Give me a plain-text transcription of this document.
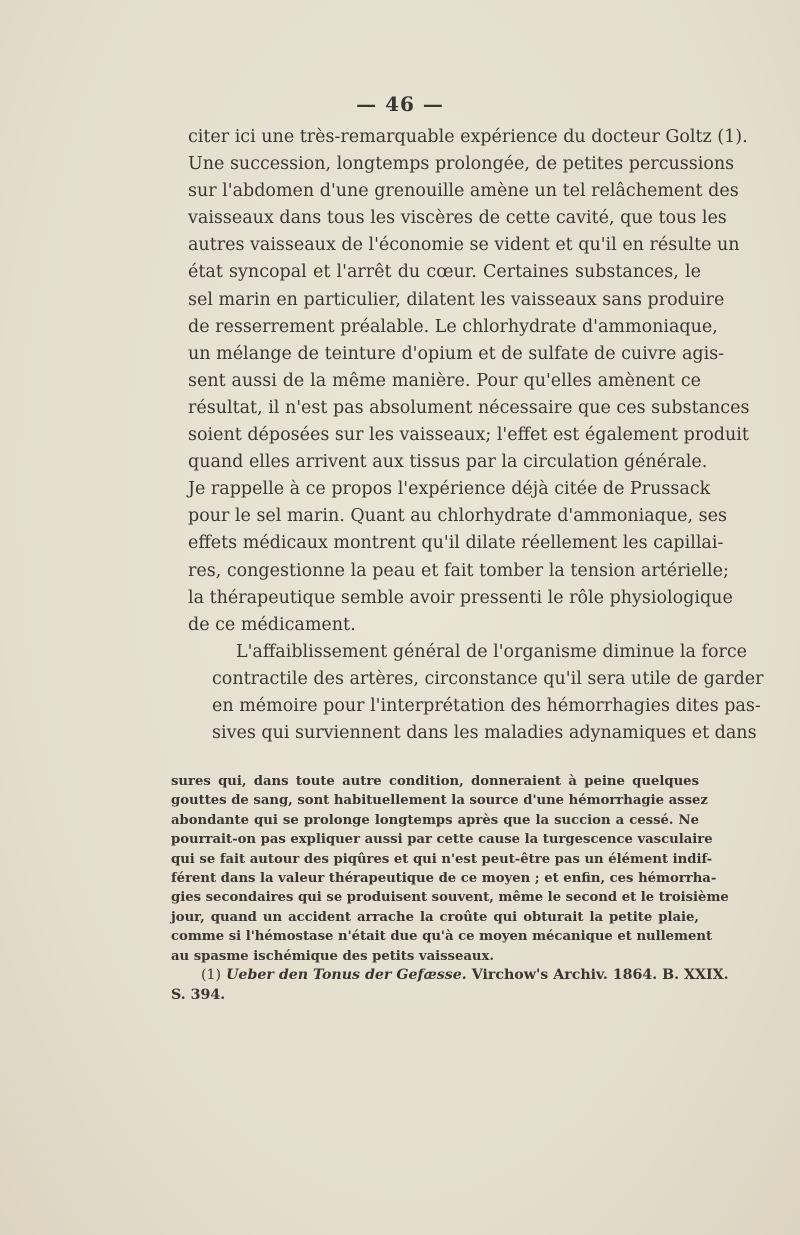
— 46 —

citer ici une très-remarquable expérience du docteur Goltz (1).
Une succession, longtemps prolongée, de petites percussions
sur l'abdomen d'une grenouille amène un tel relâchement des
vaisseaux dans tous les viscères de cette cavité, que tous les
autres vaisseaux de l'économie se vident et qu'il en résulte un
état syncopal et l'arrêt du cœur. Certaines substances, le
sel marin en particulier, dilatent les vaisseaux sans produire
de resserrement préalable. Le chlorhydrate d'ammoniaque,
un mélange de teinture d'opium et de sulfate de cuivre agis-
sent aussi de la même manière. Pour qu'elles amènent ce
résultat, il n'est pas absolument nécessaire que ces substances
soient déposées sur les vaisseaux; l'effet est également produit
quand elles arrivent aux tissus par la circulation générale.
Je rappelle à ce propos l'expérience déjà citée de Prussack
pour le sel marin. Quant au chlorhydrate d'ammoniaque, ses
effets médicaux montrent qu'il dilate réellement les capillai-
res, congestionne la peau et fait tomber la tension artérielle;
la thérapeutique semble avoir pressenti le rôle physiologique
de ce médicament.

L'affaiblissement général de l'organisme diminue la force
contractile des artères, circonstance qu'il sera utile de garder
en mémoire pour l'interprétation des hémorrhagies dites pas-
sives qui surviennent dans les maladies adynamiques et dans

sures qui, dans toute autre condition, donneraient à peine quelques
gouttes de sang, sont habituellement la source d'une hémorrhagie assez
abondante qui se prolonge longtemps après que la succion a cessé. Ne
pourrait-on pas expliquer aussi par cette cause la turgescence vasculaire
qui se fait autour des piqûres et qui n'est peut-être pas un élément indif-
férent dans la valeur thérapeutique de ce moyen ; et enfin, ces hémorrha-
gies secondaires qui se produisent souvent, même le second et le troisième
jour, quand un accident arrache la croûte qui obturait la petite plaie,
comme si l'hémostase n'était due qu'à ce moyen mécanique et nullement
au spasme ischémique des petits vaisseaux.
(1) Ueber den Tonus der Gefæsse. Virchow's Archiv. 1864. B. XXIX.
S. 394.
